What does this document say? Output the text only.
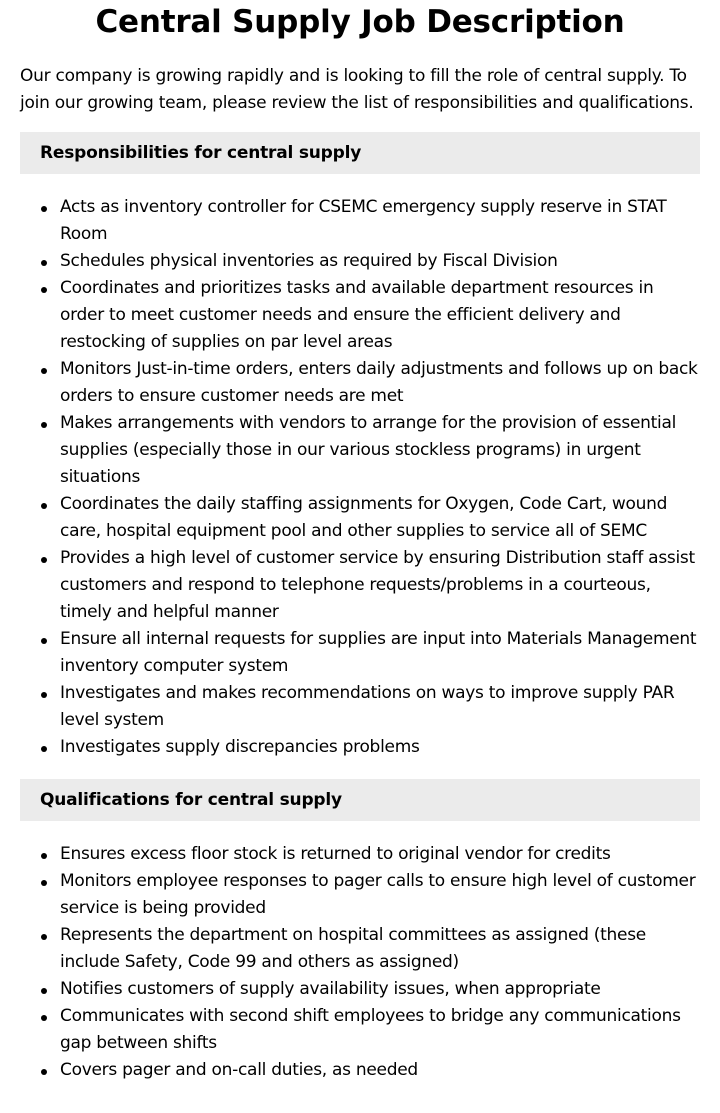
Central Supply Job Description

Our company is growing rapidly and is looking to fill the role of central supply. To join our growing team, please review the list of responsibilities and qualifications.

Responsibilities for central supply
Acts as inventory controller for CSEMC emergency supply reserve in STAT Room
Schedules physical inventories as required by Fiscal Division
Coordinates and prioritizes tasks and available department resources in order to meet customer needs and ensure the efficient delivery and restocking of supplies on par level areas
Monitors Just-in-time orders, enters daily adjustments and follows up on back orders to ensure customer needs are met
Makes arrangements with vendors to arrange for the provision of essential supplies (especially those in our various stockless programs) in urgent situations
Coordinates the daily staffing assignments for Oxygen, Code Cart, wound care, hospital equipment pool and other supplies to service all of SEMC
Provides a high level of customer service by ensuring Distribution staff assist customers and respond to telephone requests/problems in a courteous, timely and helpful manner
Ensure all internal requests for supplies are input into Materials Management inventory computer system
Investigates and makes recommendations on ways to improve supply PAR level system
Investigates supply discrepancies problems
Qualifications for central supply
Ensures excess floor stock is returned to original vendor for credits
Monitors employee responses to pager calls to ensure high level of customer service is being provided
Represents the department on hospital committees as assigned (these include Safety, Code 99 and others as assigned)
Notifies customers of supply availability issues, when appropriate
Communicates with second shift employees to bridge any communications gap between shifts
Covers pager and on-call duties, as needed
